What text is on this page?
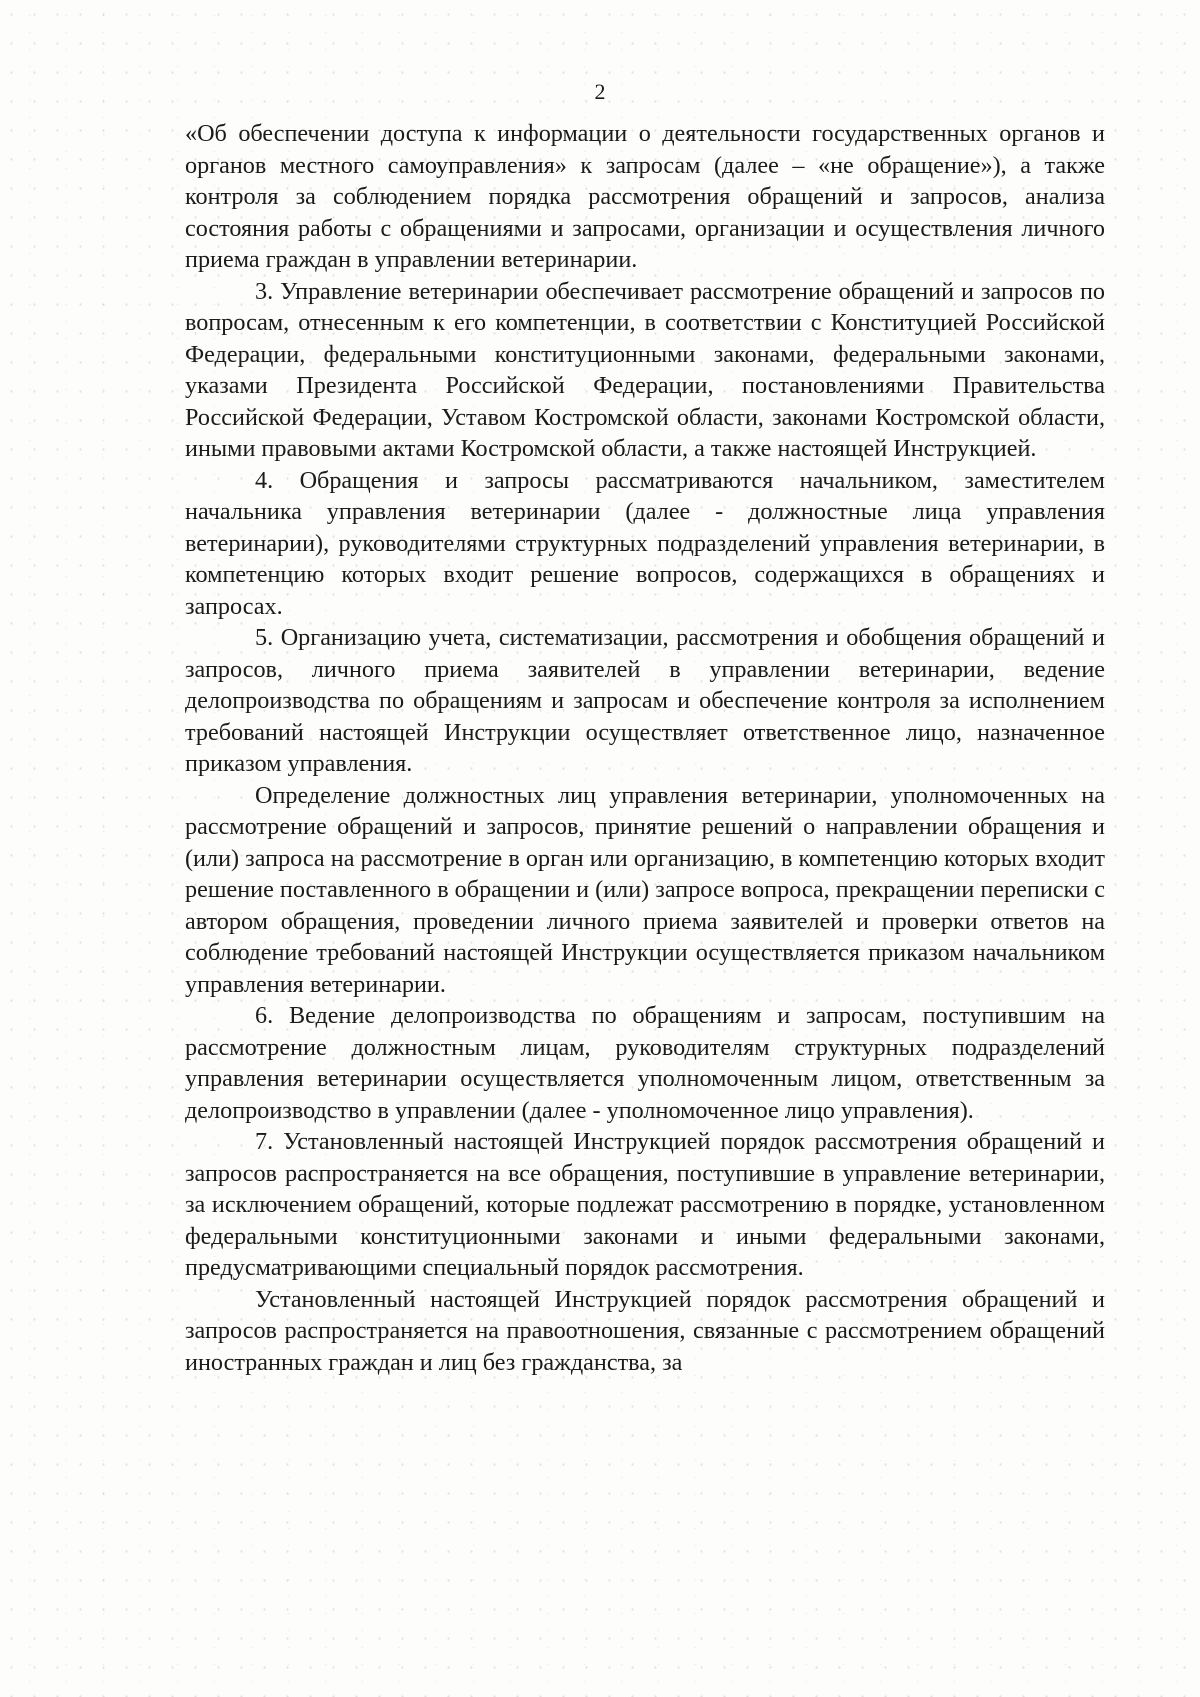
2

«Об обеспечении доступа к информации о деятельности государственных органов и органов местного самоуправления» к запросам (далее – «не обращение»), а также контроля за соблюдением порядка рассмотрения обращений и запросов, анализа состояния работы с обращениями и запросами, организации и осуществления личного приема граждан в управлении ветеринарии.

3. Управление ветеринарии обеспечивает рассмотрение обращений и запросов по вопросам, отнесенным к его компетенции, в соответствии с Конституцией Российской Федерации, федеральными конституционными законами, федеральными законами, указами Президента Российской Федерации, постановлениями Правительства Российской Федерации, Уставом Костромской области, законами Костромской области, иными правовыми актами Костромской области, а также настоящей Инструкцией.

4. Обращения и запросы рассматриваются начальником, заместителем начальника управления ветеринарии (далее - должностные лица управления ветеринарии), руководителями структурных подразделений управления ветеринарии, в компетенцию которых входит решение вопросов, содержащихся в обращениях и запросах.

5. Организацию учета, систематизации, рассмотрения и обобщения обращений и запросов, личного приема заявителей в управлении ветеринарии, ведение делопроизводства по обращениям и запросам и обеспечение контроля за исполнением требований настоящей Инструкции осуществляет ответственное лицо, назначенное приказом управления.

Определение должностных лиц управления ветеринарии, уполномоченных на рассмотрение обращений и запросов, принятие решений о направлении обращения и (или) запроса на рассмотрение в орган или организацию, в компетенцию которых входит решение поставленного в обращении и (или) запросе вопроса, прекращении переписки с автором обращения, проведении личного приема заявителей и проверки ответов на соблюдение требований настоящей Инструкции осуществляется приказом начальником управления ветеринарии.

6. Ведение делопроизводства по обращениям и запросам, поступившим на рассмотрение должностным лицам, руководителям структурных подразделений управления ветеринарии осуществляется уполномоченным лицом, ответственным за делопроизводство в управлении (далее - уполномоченное лицо управления).

7. Установленный настоящей Инструкцией порядок рассмотрения обращений и запросов распространяется на все обращения, поступившие в управление ветеринарии, за исключением обращений, которые подлежат рассмотрению в порядке, установленном федеральными конституционными законами и иными федеральными законами, предусматривающими специальный порядок рассмотрения.

Установленный настоящей Инструкцией порядок рассмотрения обращений и запросов распространяется на правоотношения, связанные с рассмотрением обращений иностранных граждан и лиц без гражданства, за
